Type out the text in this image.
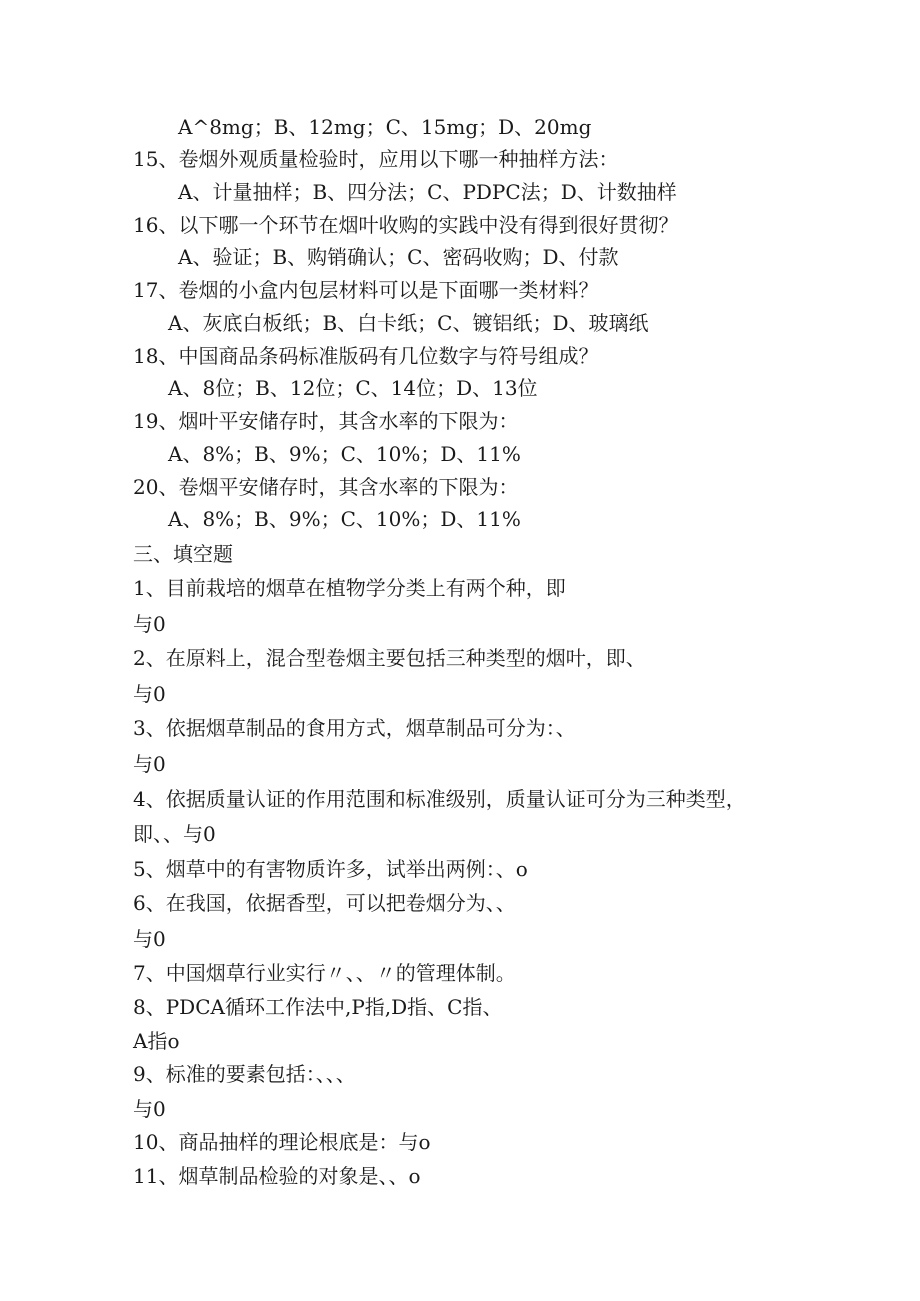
A^8mg；B、12mg；C、15mg；D、20mg
15、卷烟外观质量检验时，应用以下哪一种抽样方法：
A、计量抽样；B、四分法；C、PDPC法；D、计数抽样
16、以下哪一个环节在烟叶收购的实践中没有得到很好贯彻？
A、验证；B、购销确认；C、密码收购；D、付款
17、卷烟的小盒内包层材料可以是下面哪一类材料？
A、灰底白板纸；B、白卡纸；C、镀铝纸；D、玻璃纸
18、中国商品条码标准版码有几位数字与符号组成？
A、8位；B、12位；C、14位；D、13位
19、烟叶平安储存时，其含水率的下限为：
A、8%；B、9%；C、10%；D、11%
20、卷烟平安储存时，其含水率的下限为：
A、8%；B、9%；C、10%；D、11%
三、填空题
1、目前栽培的烟草在植物学分类上有两个种，即
与0
2、在原料上，混合型卷烟主要包括三种类型的烟叶，即、
与0
3、依据烟草制品的食用方式，烟草制品可分为：、
与0
4、依据质量认证的作用范围和标准级别，质量认证可分为三种类型，
即、、与0
5、烟草中的有害物质许多，试举出两例：、o
6、在我国，依据香型，可以把卷烟分为、、
与0
7、中国烟草行业实行〃、、〃的管理体制。
8、PDCA循环工作法中,P指,D指、C指、
A指o
9、标准的要素包括：、、、
与0
10、商品抽样的理论根底是：与o
11、烟草制品检验的对象是、、o
